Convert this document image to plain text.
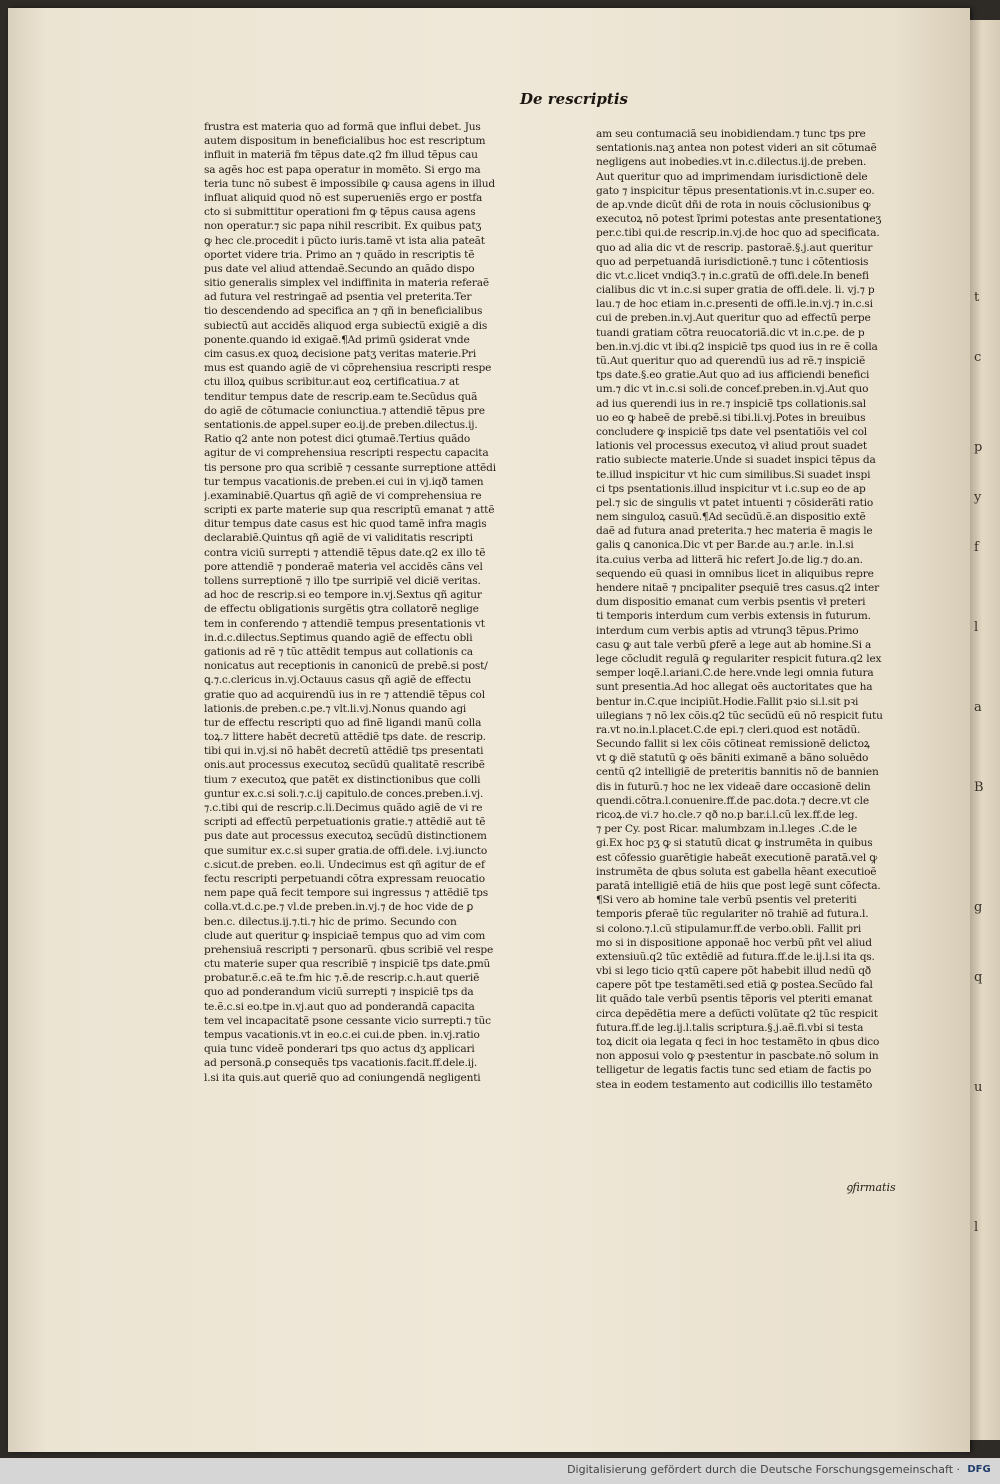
t
c
p
y
f
l
a
B
g
q
u
l
De rescriptis
frustra est materia quo ad formã que influi debet. Jus
autem dispositum in beneficialibus hoc est rescriptum
influit in materiã fm tẽpus date.q2 fm illud tẽpus cau
sa agẽs hoc est papa operatur in momẽto. Si ergo ma
teria tunc nõ subest ẽ impossibile ꝙ causa agens in illud
influat aliquid quod nõ est superueniẽs ergo er postfa
cto si submittitur operationi fm ꝙ tẽpus causa agens
non operatur.⁊ sic papa nihil rescribit. Ex quibus patʒ
ꝙ hec cle.procedit i pũcto iuris.tamẽ vt ista alia pateãt
oportet videre tria. Primo an ⁊ quãdo in rescriptis tẽ
pus date vel aliud attendaẽ.Secundo an quãdo dispo
sitio generalis simplex vel indiffinita in materia referaẽ
ad futura vel restringaẽ ad psentia vel preterita.Ter
tio descendendo ad specifica an ⁊ qñ in beneficialibus
subiectũ aut accidẽs aliquod erga subiectũ exigiẽ a dis
ponente.quando id exigaẽ.¶Ad primũ ꝯsiderat vnde
cim casus.ex quoꝝ decisione patʒ veritas materie.Pri
mus est quando agiẽ de vi cõprehensiua rescripti respe
ctu illoꝝ quibus scribitur.aut eoꝝ certificatiua.⁊ at
tenditur tempus date de rescrip.eam te.Secũdus quã
do agiẽ de cõtumacie coniunctiua.⁊ attendiẽ tẽpus pre
sentationis.de appel.super eo.ij.de preben.dilectus.ij.
Ratio q2 ante non potest dici ꝯtumaẽ.Tertius quãdo
agitur de vi comprehensiua rescripti respectu capacita
tis persone pro qua scribiẽ ⁊ cessante surreptione attẽdi
tur tempus vacationis.de preben.ei cui in vj.iqð tamen
j.examinabiẽ.Quartus qñ agiẽ de vi comprehensiua re
scripti ex parte materie sup qua rescriptũ emanat ⁊ attẽ
ditur tempus date casus est hic quod tamẽ infra magis
declarabiẽ.Quintus qñ agiẽ de vi validitatis rescripti
contra viciũ surrepti ⁊ attendiẽ tẽpus date.q2 ex illo tẽ
pore attendiẽ ⁊ ponderaẽ materia vel accidẽs cãns vel
tollens surreptionẽ ⁊ illo tpe surripiẽ vel dicië veritas.
ad hoc de rescrip.si eo tempore in.vj.Sextus qñ agitur
de effectu obligationis surgẽtis ꝯtra collatorẽ neglige
tem in conferendo ⁊ attendiẽ tempus presentationis vt
in.d.c.dilectus.Septimus quando agiẽ de effectu obli
gationis ad rẽ ⁊ tũc attẽdit tempus aut collationis ca
nonicatus aut receptionis in canonicũ de prebẽ.si post/
ꝗ.⁊.c.clericus in.vj.Octauus casus qñ agiẽ de effectu
gratie quo ad acquirendũ ius in re ⁊ attendiẽ tẽpus col
lationis.de preben.c.pe.⁊ vlt.li.vj.Nonus quando agi
tur de effectu rescripti quo ad finẽ ligandi manũ colla
toꝝ.⁊ littere habẽt decretũ attẽdiẽ tps date. de rescrip.
tibi qui in.vj.si nõ habẽt decretũ attẽdiẽ tps presentati
onis.aut processus executoꝝ secũdũ qualitatẽ rescribẽ
tium ⁊ executoꝝ que patẽt ex distinctionibus que colli
guntur ex.c.si soli.⁊.c.ij capitulo.de conces.preben.i.vj.
⁊.c.tibi qui de rescrip.c.li.Decimus quãdo agiẽ de vi re
scripti ad effectũ perpetuationis gratie.⁊ attẽdiẽ aut tẽ
pus date aut processus executoꝝ secũdũ distinctionem
que sumitur ex.c.si super gratia.de offi.dele. i.vj.iuncto
c.sicut.de preben. eo.li. Undecimus est qñ agitur de ef
fectu rescripti perpetuandi cõtra expressam reuocatio
nem pape quã fecit tempore sui ingressus ⁊ attẽdiẽ tps
colla.vt.d.c.pe.⁊ vl.de preben.in.vj.⁊ de hoc vide de ꝑ
ben.c. dilectus.ij.⁊.ti.⁊ hic de primo. Secundo con
clude aut queritur ꝙ inspiciaẽ tempus quo ad vim com
prehensiuã rescripti ⁊ personarũ. qbus scribiẽ vel respe
ctu materie super qua rescribiẽ ⁊ inspiciẽ tps date.ꝑmũ
probatur.ẽ.c.eã te.fm hic ⁊.ẽ.de rescrip.c.h.aut queriẽ
quo ad ponderandum viciũ surrepti ⁊ inspiciẽ tps da
te.ẽ.c.si eo.tpe in.vj.aut quo ad ponderandã capacita
tem vel incapacitatẽ psone cessante vicio surrepti.⁊ tũc
tempus vacationis.vt in eo.c.ei cui.de pben. in.vj.ratio
quia tunc videẽ ponderari tps quo actus dʒ applicari
ad personã.ꝑ consequẽs tps vacationis.facit.ff.dele.ij.
l.si ita quis.aut queriẽ quo ad coniungendã negligenti
am seu contumaciã seu inobidiendam.⁊ tunc tps pre
sentationis.naʒ antea non potest videri an sit cõtumaẽ
negligens aut inobedies.vt in.c.dilectus.ij.de preben.
Aut queritur quo ad imprimendam iurisdictionẽ dele
gato ⁊ inspicitur tẽpus presentationis.vt in.c.super eo.
de ap.vnde dicũt dñi de rota in nouis cõclusionibus ꝙ
executoꝝ nõ potest ĩprimi potestas ante presentationeʒ
per.c.tibi qui.de rescrip.in.vj.de hoc quo ad specificata.
quo ad alia dic vt de rescrip. pastoraẽ.§.j.aut queritur
quo ad perpetuandã iurisdictionẽ.⁊ tunc i cõtentiosis
dic vt.c.licet vndiq3.⁊ in.c.gratũ de offi.dele.In benefi
cialibus dic vt in.c.si super gratia de offi.dele. li. vj.⁊ p
lau.⁊ de hoc etiam in.c.presenti de offi.le.in.vj.⁊ in.c.si
cui de preben.in.vj.Aut queritur quo ad effectũ perpe
tuandi gratiam cõtra reuocatoriã.dic vt in.c.pe. de p
ben.in.vj.dic vt ibi.q2 inspiciẽ tps quod ius in re ẽ colla
tũ.Aut queritur quo ad querendũ ius ad rẽ.⁊ inspiciẽ
tps date.§.eo gratie.Aut quo ad ius afficiendi benefici
um.⁊ dic vt in.c.si soli.de concef.preben.in.vj.Aut quo
ad ius querendi ius in re.⁊ inspiciẽ tps collationis.sal
uo eo ꝙ habeẽ de prebẽ.si tibi.li.vj.Potes in breuibus
concludere ꝙ inspiciẽ tps date vel psentatiõis vel col
lationis vel processus executoꝝ vł aliud prout suadet
ratio subiecte materie.Unde si suadet inspici tẽpus da
te.illud inspicitur vt hic cum similibus.Si suadet inspi
ci tps psentationis.illud inspicitur vt i.c.sup eo de ap
pel.⁊ sic de singulis vt patet intuenti ⁊ cõsiderãti ratio
nem singuloꝝ casuũ.¶Ad secũdũ.ẽ.an dispositio extẽ
daẽ ad futura anad preterita.⁊ hec materia ẽ magis le
galis ꝗ canonica.Dic vt per Bar.de au.⁊ ar.le. in.l.si
ita.cuius verba ad litterã hic refert Jo.de lig.⁊ do.an.
sequendo eũ quasi in omnibus licet in aliquibus repre
hendere nitaẽ ⁊ pncipaliter ꝑsequiẽ tres casus.q2 inter
dum dispositio emanat cum verbis psentis vł preteri
ti temporis interdum cum verbis extensis in futurum.
interdum cum verbis aptis ad vtrunq3 tẽpus.Primo
casu ꝙ aut tale verbũ ꝑferẽ a lege aut ab homine.Si a
lege cõcludit regulã ꝙ regulariter respicit futura.q2 lex
semper loqẽ.l.ariani.C.de here.vnde legi omnia futura
sunt presentia.Ad hoc allegat oẽs auctoritates que ha
bentur in.C.que incipiũt.Hodie.Fallit pꝛio si.l.sit pꝛi
uilegians ⁊ nõ lex cõis.q2 tũc secũdũ eũ nõ respicit futu
ra.vt no.in.l.placet.C.de epi.⁊ cleri.quod est notãdũ.
Secundo fallit si lex cõis cõtineat remissionẽ delictoꝝ
vt ꝙ diẽ statutũ ꝙ oẽs bãniti eximanẽ a bãno soluẽdo
centũ q2 intelligiẽ de preteritis bannitis nõ de bannien
dis in futurũ.⁊ hoc ne lex videaẽ dare occasionẽ delin
quendi.cõtra.l.conuenire.ff.de pac.dota.⁊ decre.vt cle
ricoꝝ.de vi.⁊ ho.cle.⁊ qð no.p bar.i.l.cũ lex.ff.de leg.
⁊ per Cy. post Ricar. malumbzam in.l.leges .C.de le
gi.Ex hoc pʒ ꝙ si statutũ dicat ꝙ instrumẽta in quibus
est cõfessio guarẽtigie habeãt executionẽ paratã.vel ꝙ
instrumẽta de qbus soluta est gabella hẽant executioẽ
paratã intelligiẽ etiã de hiis que post legẽ sunt cõfecta.
¶Si vero ab homine tale verbũ psentis vel preteriti
temporis ꝑferaẽ tũc regulariter nõ trahiẽ ad futura.l.
si colono.⁊.l.cũ stipulamur.ff.de verbo.obli. Fallit pri
mo si in dispositione apponaẽ hoc verbũ pñt vel aliud
extensiuũ.q2 tũc extẽdiẽ ad futura.ff.de le.ij.l.si ita qs.
vbi si lego ticio qꝛtũ capere põt habebit illud nedũ qð
capere põt tpe testamẽti.sed etiã ꝙ postea.Secũdo fal
lit quãdo tale verbũ psentis tẽporis vel pteriti emanat
circa depẽdẽtia mere a defũcti volũtate q2 tũc respicit
futura.ff.de leg.ij.l.talis scriptura.§.j.aẽ.fi.vbi si testa
toꝝ dicit oia legata q feci in hoc testamẽto in qbus dico
non apposui volo ꝙ pꝛestentur in pascbate.nõ solum in
telligetur de legatis factis tunc sed etiam de factis po
stea in eodem testamento aut codicillis illo testamẽto
ꝯfirmatis
Digitalisierung gefördert durch die Deutsche Forschungsgemeinschaft · DFG
